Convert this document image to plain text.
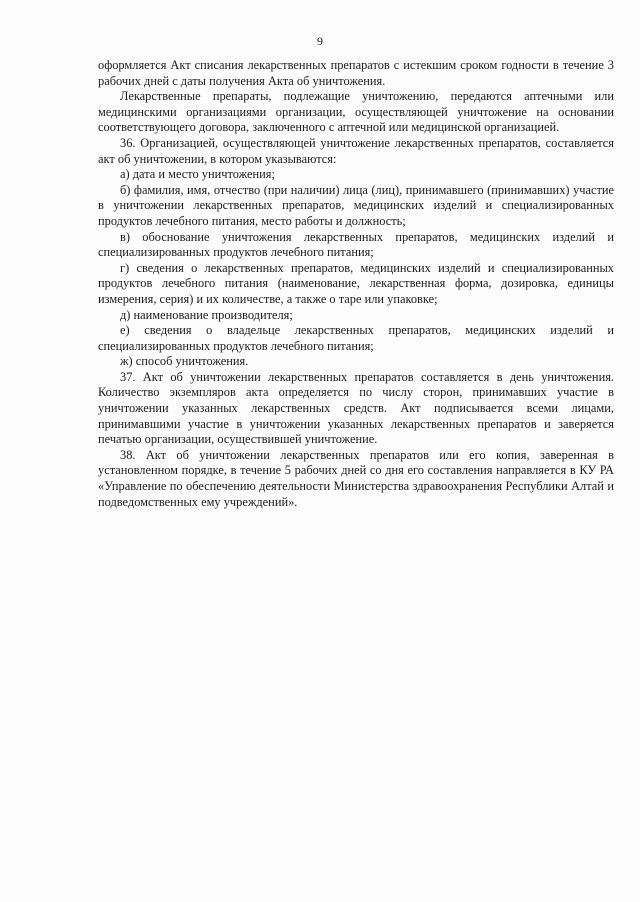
9

оформляется Акт списания лекарственных препаратов с истекшим сроком годности в течение 3 рабочих дней с даты получения Акта об уничтожения.

Лекарственные препараты, подлежащие уничтожению, передаются аптечными или медицинскими организациями организации, осуществляющей уничтожение на основании соответствующего договора, заключенного с аптечной или медицинской организацией.

36. Организацией, осуществляющей уничтожение лекарственных препаратов, составляется акт об уничтожении, в котором указываются:

а) дата и место уничтожения;

б) фамилия, имя, отчество (при наличии) лица (лиц), принимавшего (принимавших) участие в уничтожении лекарственных препаратов, медицинских изделий и специализированных продуктов лечебного питания, место работы и должность;

в) обоснование уничтожения лекарственных препаратов, медицинских изделий и специализированных продуктов лечебного питания;

г) сведения о лекарственных препаратов, медицинских изделий и специализированных продуктов лечебного питания (наименование, лекарственная форма, дозировка, единицы измерения, серия) и их количестве, а также о таре или упаковке;

д) наименование производителя;

е) сведения о владельце лекарственных препаратов, медицинских изделий и специализированных продуктов лечебного питания;

ж) способ уничтожения.

37. Акт об уничтожении лекарственных препаратов составляется в день уничтожения. Количество экземпляров акта определяется по числу сторон, принимавших участие в уничтожении указанных лекарственных средств. Акт подписывается всеми лицами, принимавшими участие в уничтожении указанных лекарственных препаратов и заверяется печатью организации, осуществившей уничтожение.

38. Акт об уничтожении лекарственных препаратов или его копия, заверенная в установленном порядке, в течение 5 рабочих дней со дня его составления направляется в КУ РА «Управление по обеспечению деятельности Министерства здравоохранения Республики Алтай и подведомственных ему учреждений».
